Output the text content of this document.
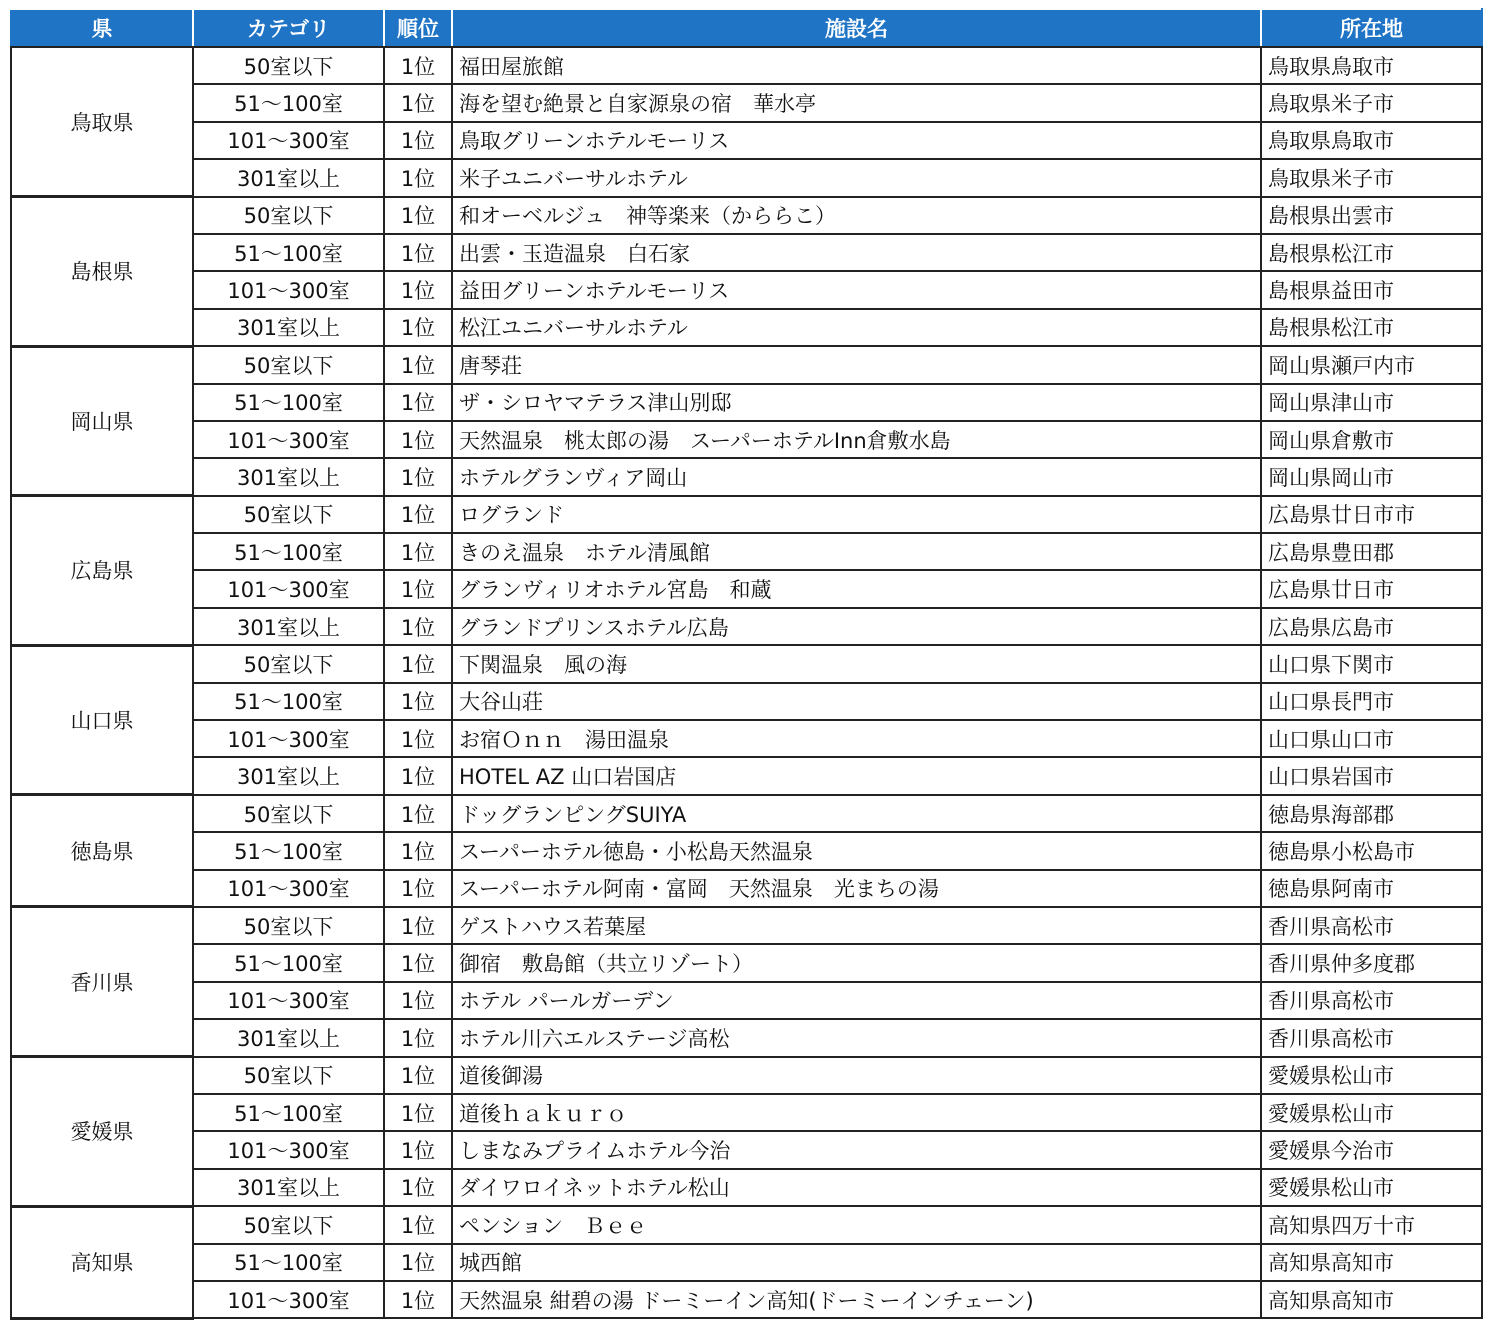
県	カテゴリ	順位	施設名	所在地
鳥取県	50室以下	1位	福田屋旅館	鳥取県鳥取市
	51～100室	1位	海を望む絶景と自家源泉の宿　華水亭	鳥取県米子市
	101～300室	1位	鳥取グリーンホテルモーリス	鳥取県鳥取市
	301室以上	1位	米子ユニバーサルホテル	鳥取県米子市
島根県	50室以下	1位	和オーベルジュ　神等楽来（かららこ）	島根県出雲市
	51～100室	1位	出雲・玉造温泉　白石家	島根県松江市
	101～300室	1位	益田グリーンホテルモーリス	島根県益田市
	301室以上	1位	松江ユニバーサルホテル	島根県松江市
岡山県	50室以下	1位	唐琴荘	岡山県瀬戸内市
	51～100室	1位	ザ・シロヤマテラス津山別邸	岡山県津山市
	101～300室	1位	天然温泉　桃太郎の湯　スーパーホテルInn倉敷水島	岡山県倉敷市
	301室以上	1位	ホテルグランヴィア岡山	岡山県岡山市
広島県	50室以下	1位	ログランド	広島県廿日市市
	51～100室	1位	きのえ温泉　ホテル清風館	広島県豊田郡
	101～300室	1位	グランヴィリオホテル宮島　和蔵	広島県廿日市
	301室以上	1位	グランドプリンスホテル広島	広島県広島市
山口県	50室以下	1位	下関温泉　風の海	山口県下関市
	51～100室	1位	大谷山荘	山口県長門市
	101～300室	1位	お宿Ｏｎｎ　湯田温泉	山口県山口市
	301室以上	1位	HOTEL AZ 山口岩国店	山口県岩国市
徳島県	50室以下	1位	ドッグランピングSUIYA	徳島県海部郡
	51～100室	1位	スーパーホテル徳島・小松島天然温泉	徳島県小松島市
	101～300室	1位	スーパーホテル阿南・富岡　天然温泉　光まちの湯	徳島県阿南市
香川県	50室以下	1位	ゲストハウス若葉屋	香川県高松市
	51～100室	1位	御宿　敷島館（共立リゾート）	香川県仲多度郡
	101～300室	1位	ホテル パールガーデン	香川県高松市
	301室以上	1位	ホテル川六エルステージ高松	香川県高松市
愛媛県	50室以下	1位	道後御湯	愛媛県松山市
	51～100室	1位	道後ｈａｋｕｒｏ	愛媛県松山市
	101～300室	1位	しまなみプライムホテル今治	愛媛県今治市
	301室以上	1位	ダイワロイネットホテル松山	愛媛県松山市
高知県	50室以下	1位	ペンション　Ｂｅｅ	高知県四万十市
	51～100室	1位	城西館	高知県高知市
	101～300室	1位	天然温泉 紺碧の湯 ドーミーイン高知(ドーミーインチェーン)	高知県高知市
